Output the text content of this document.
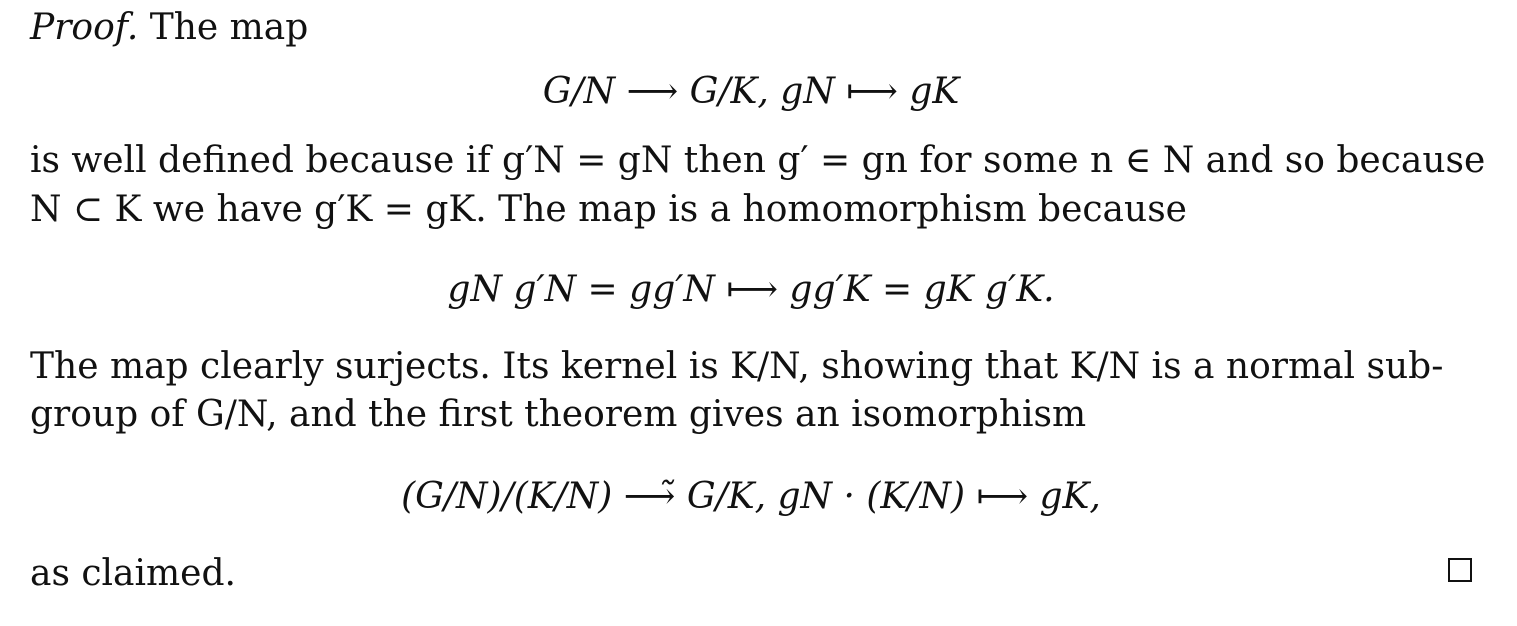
Proof. The map
G/N ⟶ G/K, gN ⟼ gK
is well defined because if g′N = gN then g′ = gn for some n ∈ N and so because
N ⊂ K we have g′K = gK. The map is a homomorphism because
gN g′N = gg′N ⟼ gg′K = gK g′K.
The map clearly surjects. Its kernel is K/N, showing that K/N is a normal sub-
group of G/N, and the first theorem gives an isomorphism
(G/N)/(K/N) ⟶̃ G/K, gN · (K/N) ⟼ gK,
as claimed.
